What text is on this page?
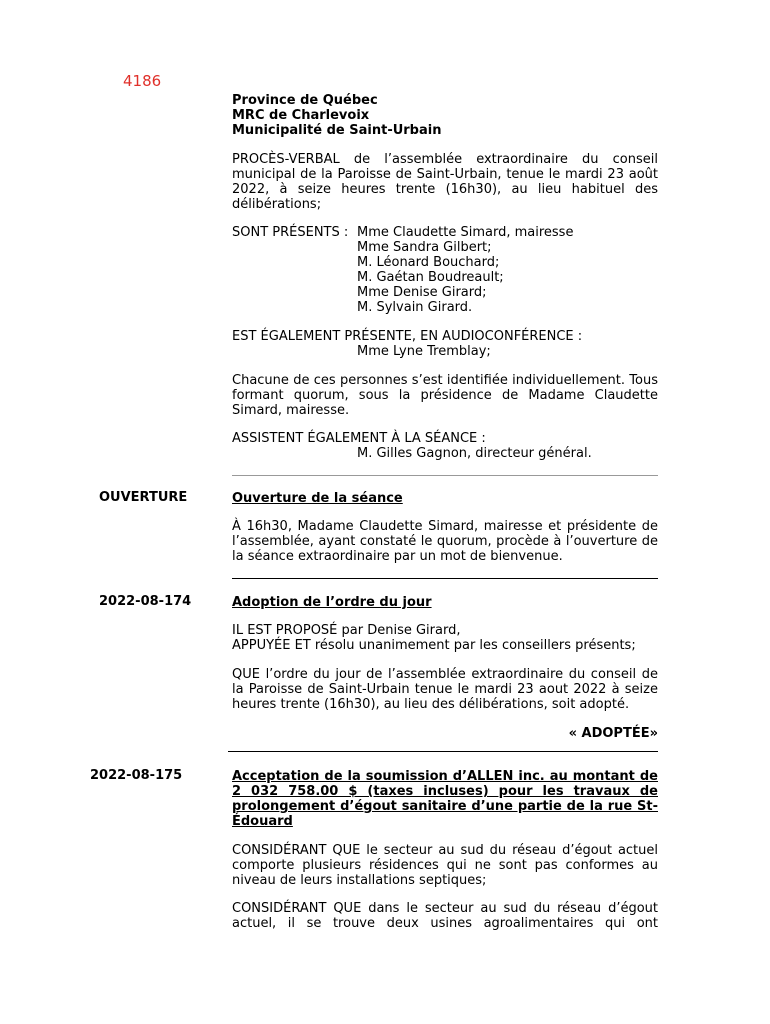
4186

Province de Québec

MRC de Charlevoix

Municipalité de Saint-Urbain

PROCÈS-VERBAL de l’assemblée extraordinaire du conseil municipal de la Paroisse de Saint-Urbain, tenue le mardi 23 août 2022, à seize heures trente (16h30), au lieu habituel des délibérations;

SONT PRÉSENTS : Mme Claudette Simard, mairesse

Mme Sandra Gilbert;

M. Léonard Bouchard;

M. Gaétan Boudreault;

Mme Denise Girard;

M. Sylvain Girard.

EST ÉGALEMENT PRÉSENTE, EN AUDIOCONFÉRENCE :

Mme Lyne Tremblay;

Chacune de ces personnes s’est identifiée individuellement. Tous formant quorum, sous la présidence de Madame Claudette Simard, mairesse.

ASSISTENT ÉGALEMENT À LA SÉANCE :

M. Gilles Gagnon, directeur général.

OUVERTURE	Ouverture de la séance

À 16h30, Madame Claudette Simard, mairesse et présidente de l’assemblée, ayant constaté le quorum, procède à l’ouverture de la séance extraordinaire par un mot de bienvenue.

2022-08-174	Adoption de l’ordre du jour

IL EST PROPOSÉ par Denise Girard,

APPUYÉE ET résolu unanimement par les conseillers présents;

QUE l’ordre du jour de l’assemblée extraordinaire du conseil de la Paroisse de Saint-Urbain tenue le mardi 23 aout 2022 à seize heures trente (16h30), au lieu des délibérations, soit adopté.

« ADOPTÉE»

2022-08-175	Acceptation de la soumission d’ALLEN inc. au montant de 2 032 758.00 $ (taxes incluses) pour les travaux de prolongement d’égout sanitaire d’une partie de la rue St-Édouard

CONSIDÉRANT QUE le secteur au sud du réseau d’égout actuel comporte plusieurs résidences qui ne sont pas conformes au niveau de leurs installations septiques;

CONSIDÉRANT QUE dans le secteur au sud du réseau d’égout actuel, il se trouve deux usines agroalimentaires qui ont
